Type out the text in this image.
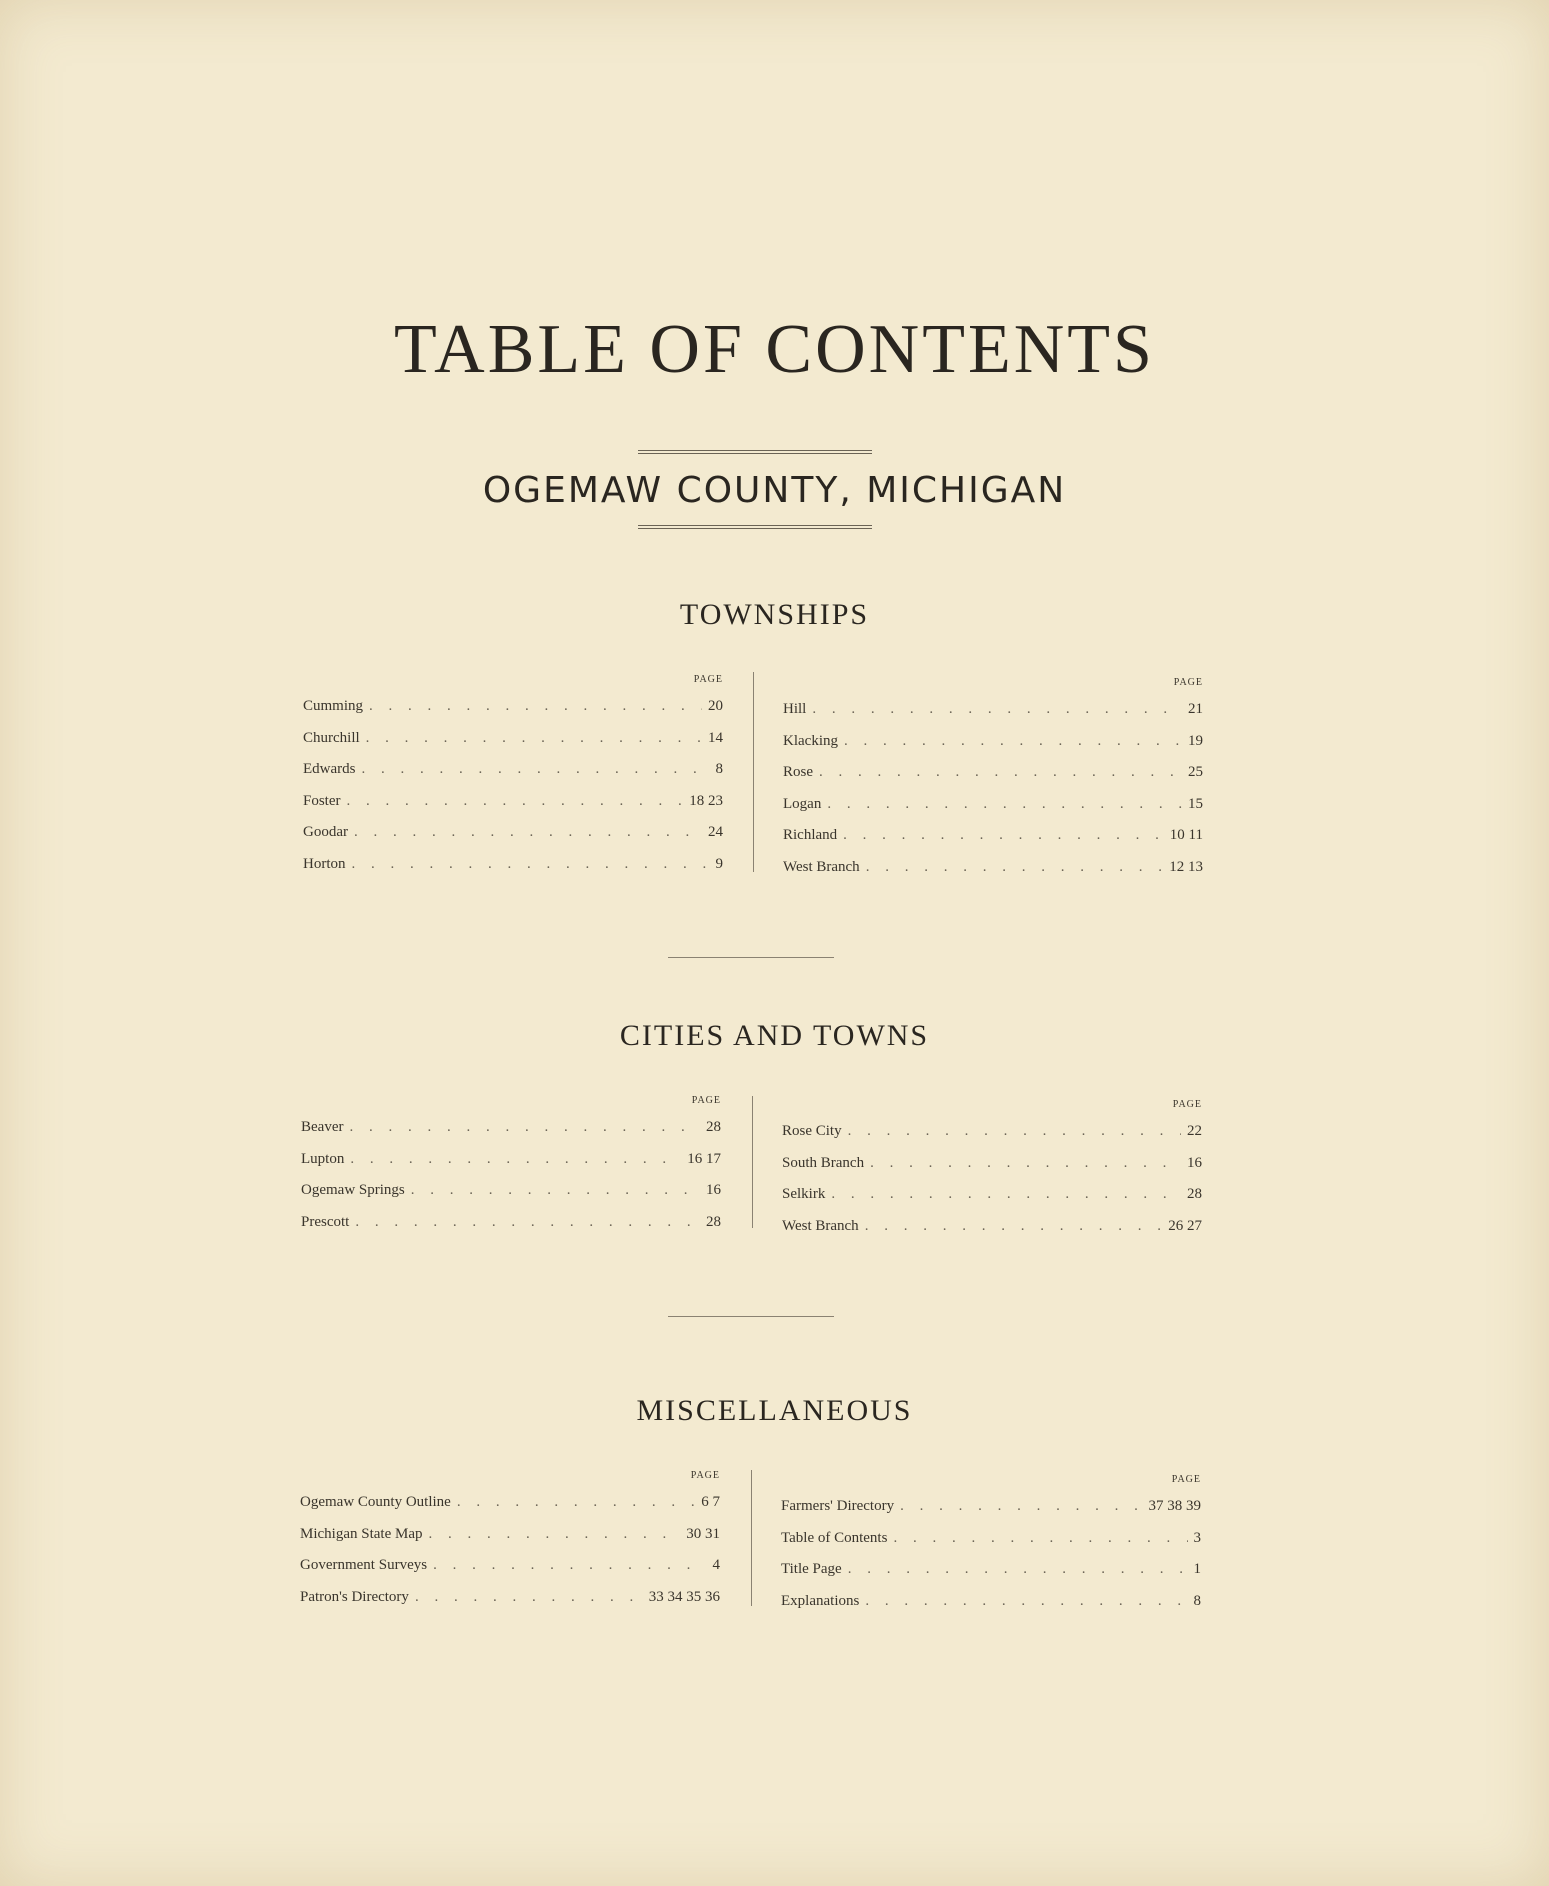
TABLE OF CONTENTS
OGEMAW COUNTY, MICHIGAN
TOWNSHIPS
PAGE
Cumming . . .	20
Churchill . . .	14
Edwards . . .	8
Foster . . .	18 23
Goodar . . .	24
Horton . . .	9
PAGE
Hill . . .	21
Klacking . . .	19
Rose . . .	25
Logan . . .	15
Richland . . .	10 11
West Branch . . .	12 13
CITIES AND TOWNS
PAGE
Beaver . . .	28
Lupton . . .	16 17
Ogemaw Springs . . .	16
Prescott . . .	28
PAGE
Rose City . . .	22
South Branch . . .	16
Selkirk . . .	28
West Branch . . .	26 27
MISCELLANEOUS
PAGE
Ogemaw County Outline . . .	6 7
Michigan State Map . . .	30 31
Government Surveys . . .	4
Patron's Directory . . .	33 34 35 36
PAGE
Farmers' Directory . . .	37 38 39
Table of Contents . . .	3
Title Page . . .	1
Explanations . . .	8
